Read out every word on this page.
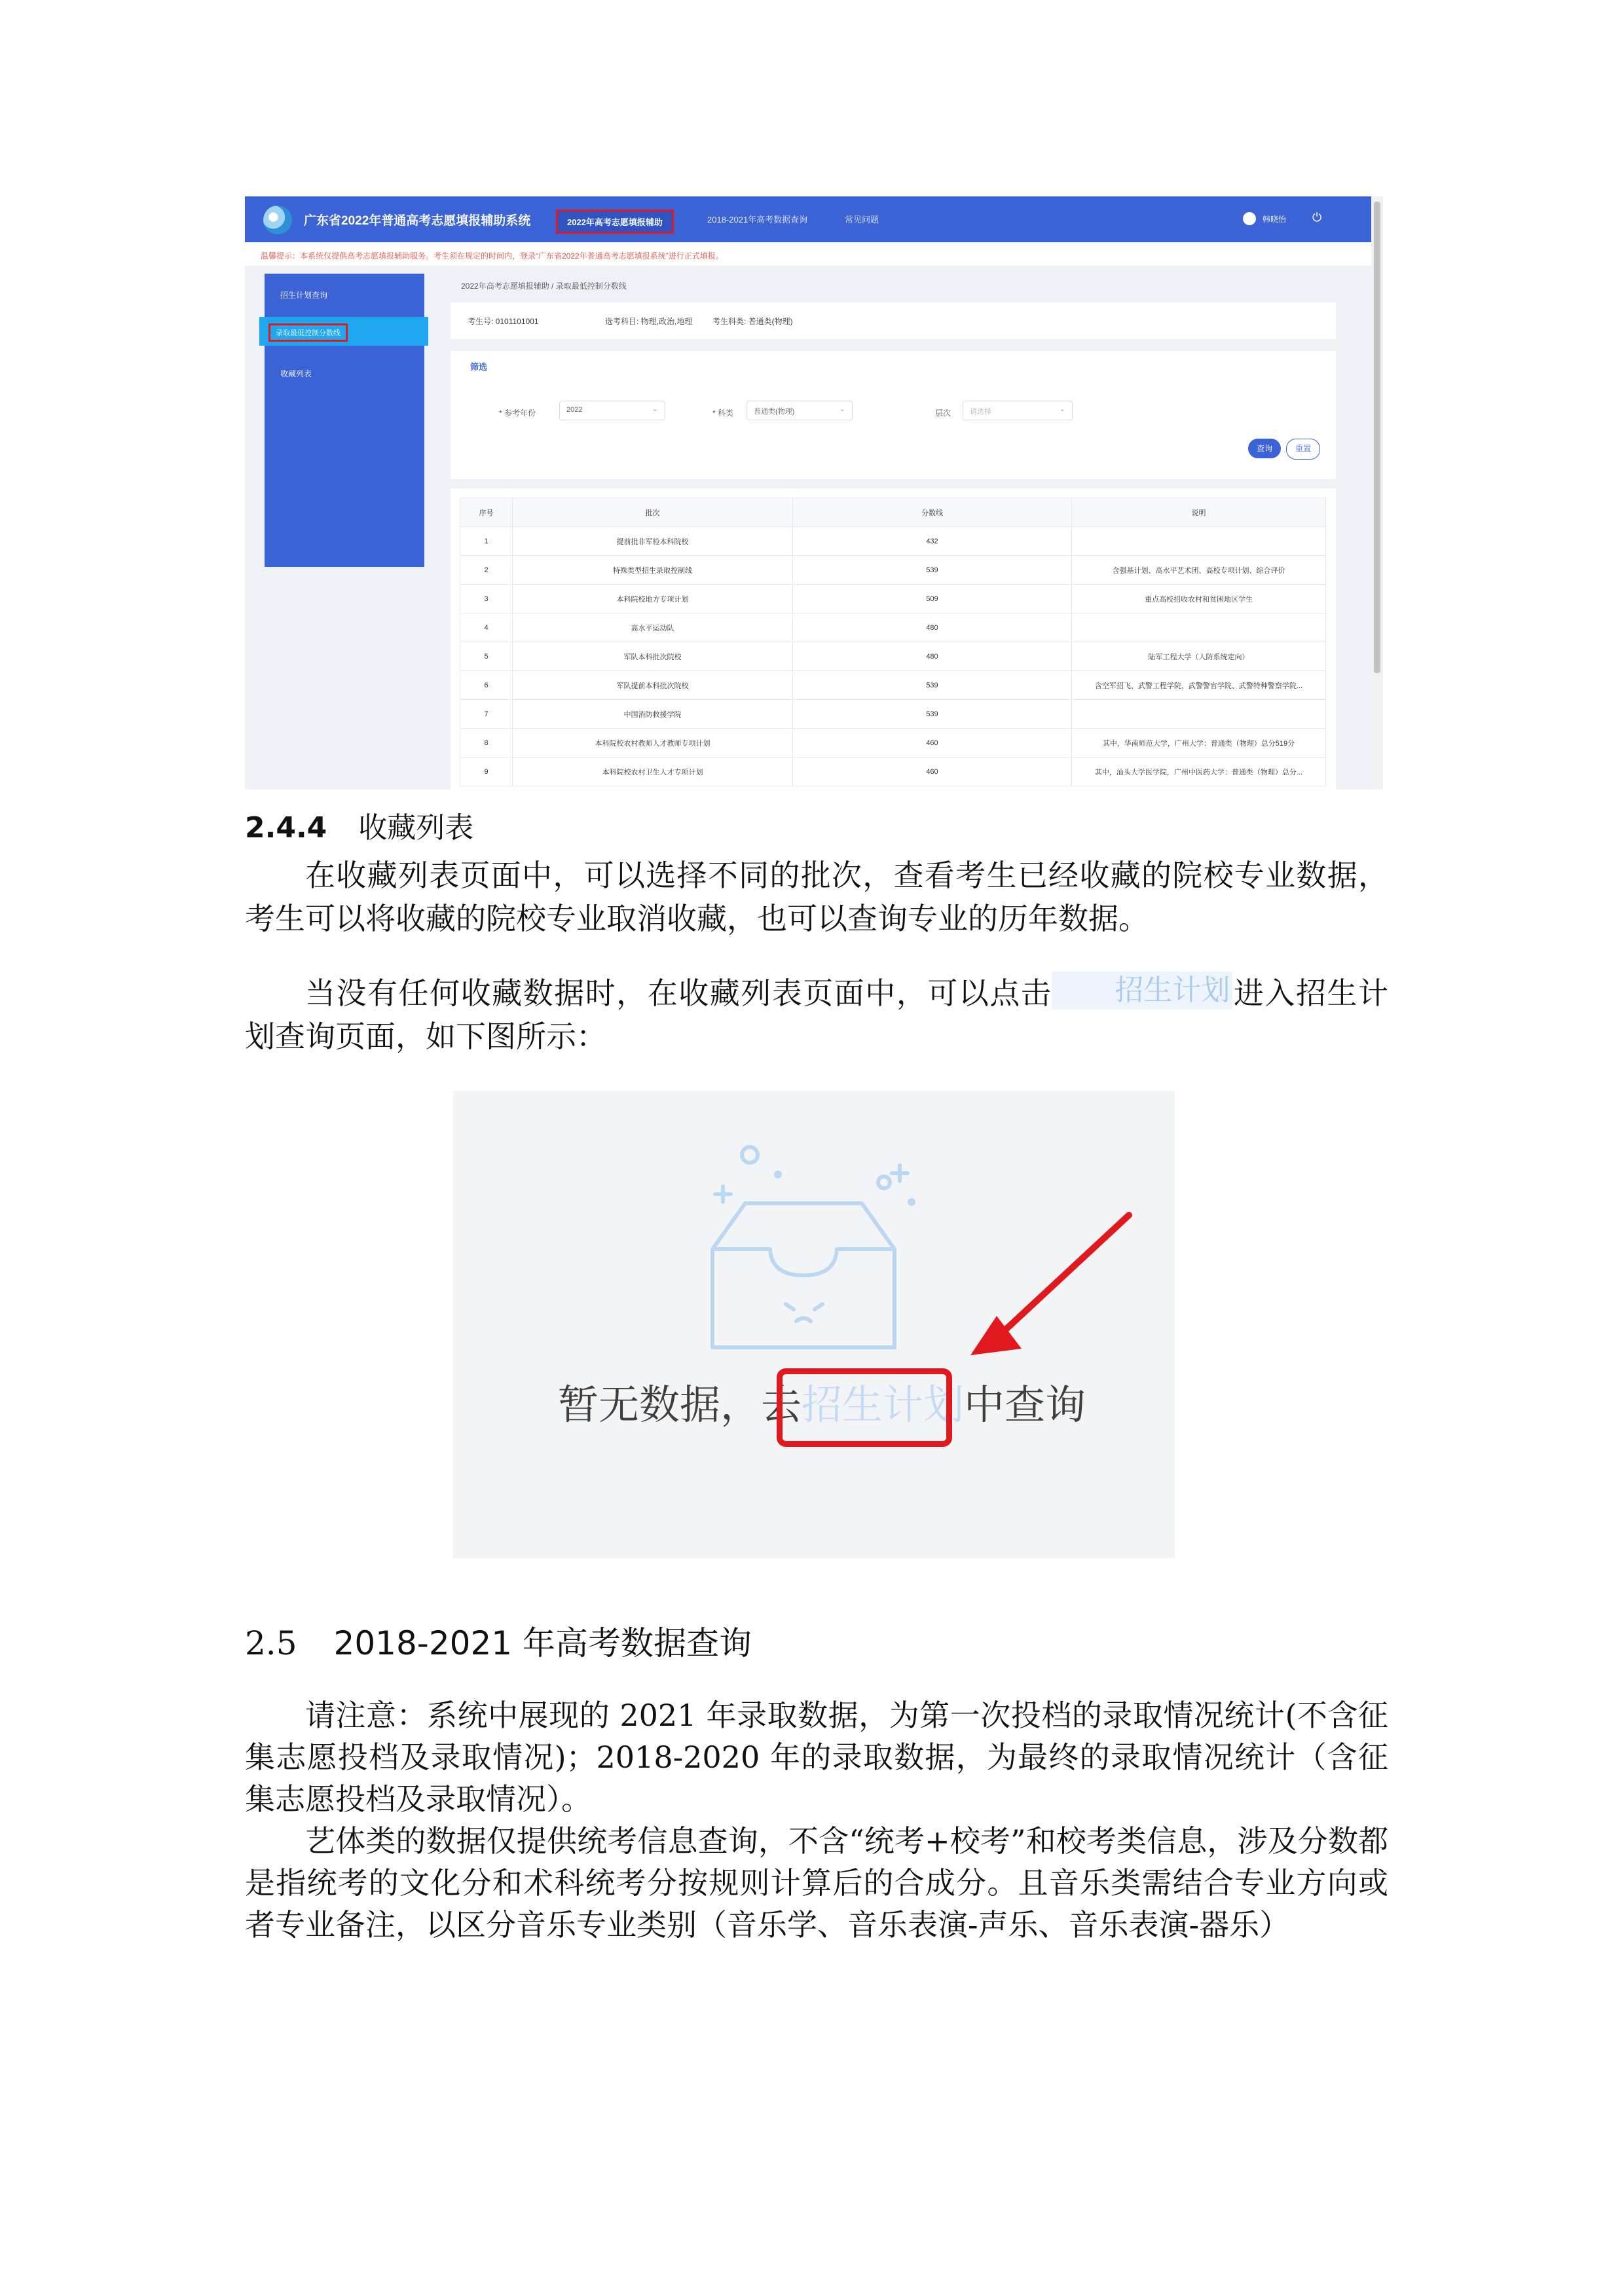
广东省2022年普通高考志愿填报辅助系统	2022年高考志愿填报辅助	2018-2021年高考数据查询	常见问题	韩晓怡 ⏻
温馨提示：本系统仅提供高考志愿填报辅助服务。考生须在规定的时间内，登录“广东省2022年普通高考志愿填报系统”进行正式填报。
招生计划查询
录取最低控制分数线
收藏列表
2022年高考志愿填报辅助 / 录取最低控制分数线
考生号: 0101101001	选考科目: 物理,政治,地理	考生科类: 普通类(物理)
筛选
* 参考年份	2022	⌄	* 科类	普通类(物理)	⌄	层次	请选择	⌄
查询	重置
序号	批次	分数线	说明
1	提前批非军检本科院校	432	
2	特殊类型招生录取控制线	539	含强基计划、高水平艺术团、高校专项计划、综合评价
3	本科院校地方专项计划	509	重点高校招收农村和贫困地区学生
4	高水平运动队	480	
5	军队本科批次院校	480	陆军工程大学（人防系统定向）
6	军队提前本科批次院校	539	含空军招飞、武警工程学院、武警警官学院、武警特种警察学院...
7	中国消防救援学院	539	
8	本科院校农村教师人才教师专项计划	460	其中，华南师范大学，广州大学：普通类（物理）总分519分
9	本科院校农村卫生人才专项计划	460	其中，汕头大学医学院，广州中医药大学：普通类（物理）总分...
2.4.4 收藏列表

在收藏列表页面中，可以选择不同的批次，查看考生已经收藏的院校专业数据，考生可以将收藏的院校专业取消收藏，也可以查询专业的历年数据。

当没有任何收藏数据时，在收藏列表页面中，可以点击 招生计划进入招生计划查询页面，如下图所示：

暂无数据，去招生计划中查询
2.5 2018-2021 年高考数据查询

请注意：系统中展现的 2021 年录取数据，为第一次投档的录取情况统计(不含征集志愿投档及录取情况)；2018-2020 年的录取数据，为最终的录取情况统计（含征集志愿投档及录取情况）。

艺体类的数据仅提供统考信息查询，不含“统考+校考”和校考类信息，涉及分数都是指统考的文化分和术科统考分按规则计算后的合成分。且音乐类需结合专业方向或者专业备注，以区分音乐专业类别（音乐学、音乐表演-声乐、音乐表演-器乐）
